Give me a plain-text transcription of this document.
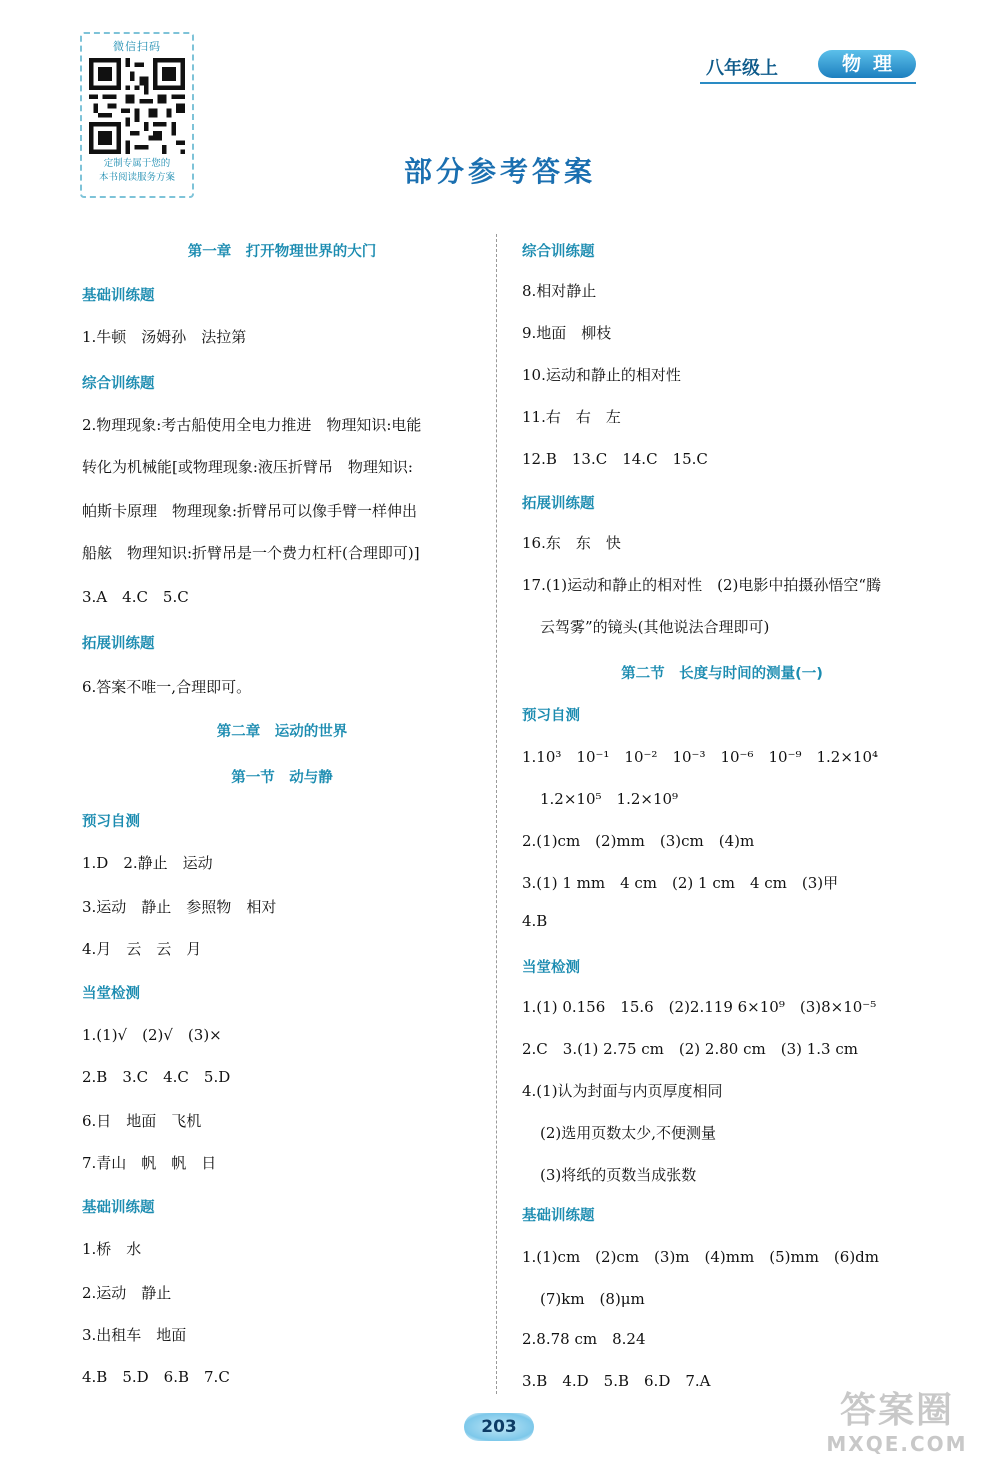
微信扫码
定制专属于您的
本书阅读服务方案
八年级上	物理
部分参考答案
第一章　打开物理世界的大门
基础训练题
1.牛顿　汤姆孙　法拉第
综合训练题
2.物理现象:考古船使用全电力推进　物理知识:电能
转化为机械能[或物理现象:液压折臂吊　物理知识:
帕斯卡原理　物理现象:折臂吊可以像手臂一样伸出
船舷　物理知识:折臂吊是一个费力杠杆(合理即可)]
3.A　4.C　5.C
拓展训练题
6.答案不唯一,合理即可。
第二章　运动的世界
第一节　动与静
预习自测
1.D　2.静止　运动
3.运动　静止　参照物　相对
4.月　云　云　月
当堂检测
1.(1)√　(2)√　(3)×
2.B　3.C　4.C　5.D
6.日　地面　飞机
7.青山　帆　帆　日
基础训练题
1.桥　水
2.运动　静止
3.出租车　地面
4.B　5.D　6.B　7.C
综合训练题
8.相对静止
9.地面　柳枝
10.运动和静止的相对性
11.右　右　左
12.B　13.C　14.C　15.C
拓展训练题
16.东　东　快
17.(1)运动和静止的相对性　(2)电影中拍摄孙悟空“腾
云驾雾”的镜头(其他说法合理即可)
第二节　长度与时间的测量(一)
预习自测
1.10³　10⁻¹　10⁻²　10⁻³　10⁻⁶　10⁻⁹　1.2×10⁴
1.2×10⁵　1.2×10⁹
2.(1)cm　(2)mm　(3)cm　(4)m
3.(1) 1 mm　4 cm　(2) 1 cm　4 cm　(3)甲
4.B
当堂检测
1.(1) 0.156　15.6　(2)2.119 6×10⁹　(3)8×10⁻⁵
2.C　3.(1) 2.75 cm　(2) 2.80 cm　(3) 1.3 cm
4.(1)认为封面与内页厚度相同
(2)选用页数太少,不便测量
(3)将纸的页数当成张数
基础训练题
1.(1)cm　(2)cm　(3)m　(4)mm　(5)mm　(6)dm
(7)km　(8)μm
2.8.78 cm　8.24
3.B　4.D　5.B　6.D　7.A
203	答案圈
MXQE.COM
